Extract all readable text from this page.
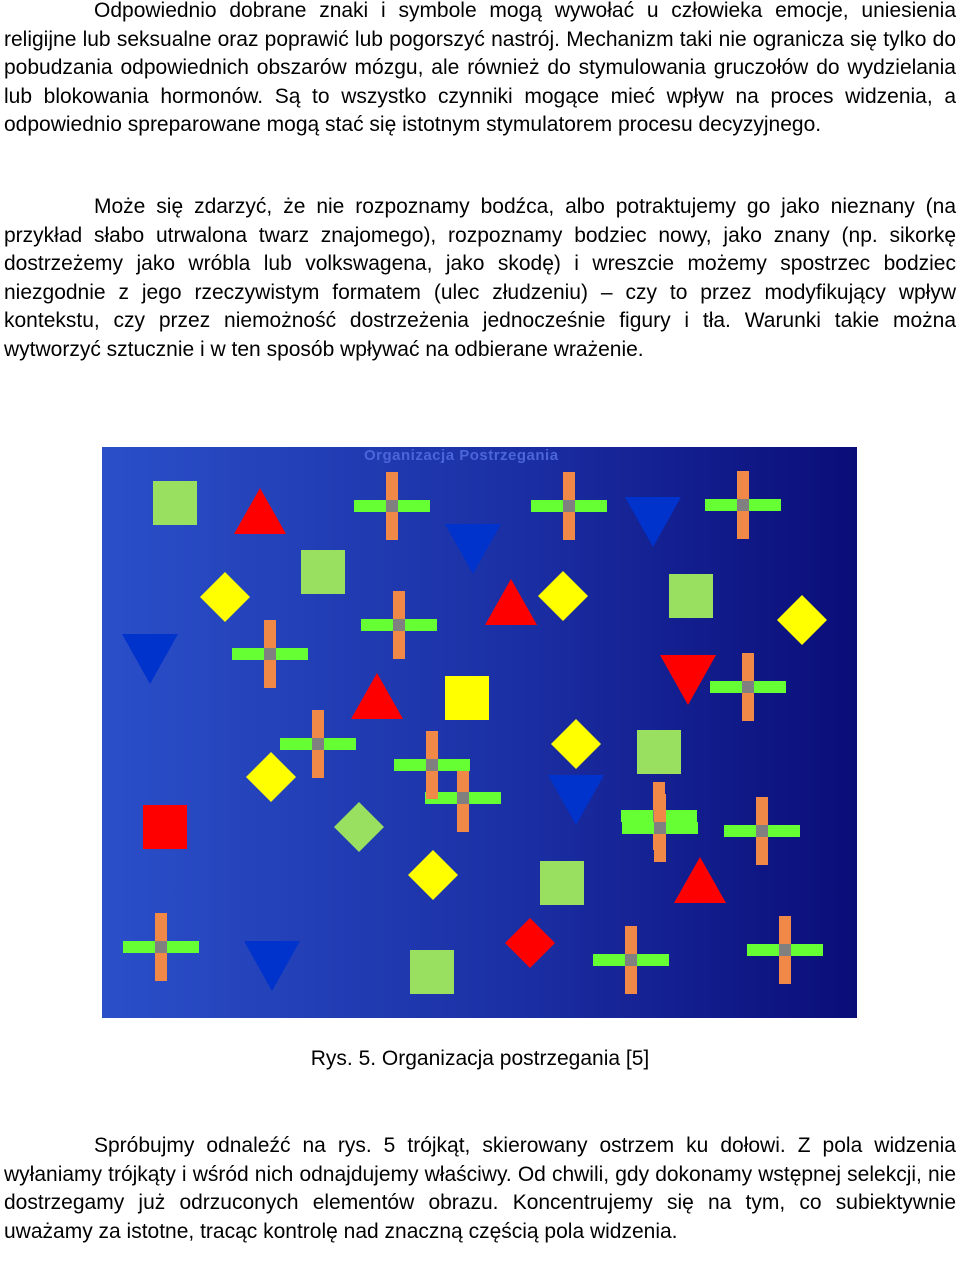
Odpowiednio dobrane znaki i symbole mogą wywołać u człowieka emocje, uniesienia religijne lub seksualne oraz poprawić lub pogorszyć nastrój. Mechanizm taki nie ogranicza się tylko do pobudzania odpowiednich obszarów mózgu, ale również do stymulowania gruczołów do wydzielania lub blokowania hormonów. Są to wszystko czynniki mogące mieć wpływ na proces widzenia, a odpowiednio spreparowane mogą stać się istotnym stymulatorem procesu decyzyjnego.

Może się zdarzyć, że nie rozpoznamy bodźca, albo potraktujemy go jako nieznany (na przykład słabo utrwalona twarz znajomego), rozpoznamy bodziec nowy, jako znany (np. sikorkę dostrzeżemy jako wróbla lub volkswagena, jako skodę) i wreszcie możemy spostrzec bodziec niezgodnie z jego rzeczywistym formatem (ulec złudzeniu) – czy to przez modyfikujący wpływ kontekstu, czy przez niemożność dostrzeżenia jednocześnie figury i tła. Warunki takie można wytworzyć sztucznie i w ten sposób wpływać na odbierane wrażenie.

Organizacja Postrzegania
Rys. 5. Organizacja postrzegania [5]

Spróbujmy odnaleźć na rys. 5 trójkąt, skierowany ostrzem ku dołowi. Z pola widzenia wyłaniamy trójkąty i wśród nich odnajdujemy właściwy. Od chwili, gdy dokonamy wstępnej selekcji, nie dostrzegamy już odrzuconych elementów obrazu. Koncentrujemy się na tym, co subiektywnie uważamy za istotne, tracąc kontrolę nad znaczną częścią pola widzenia.
